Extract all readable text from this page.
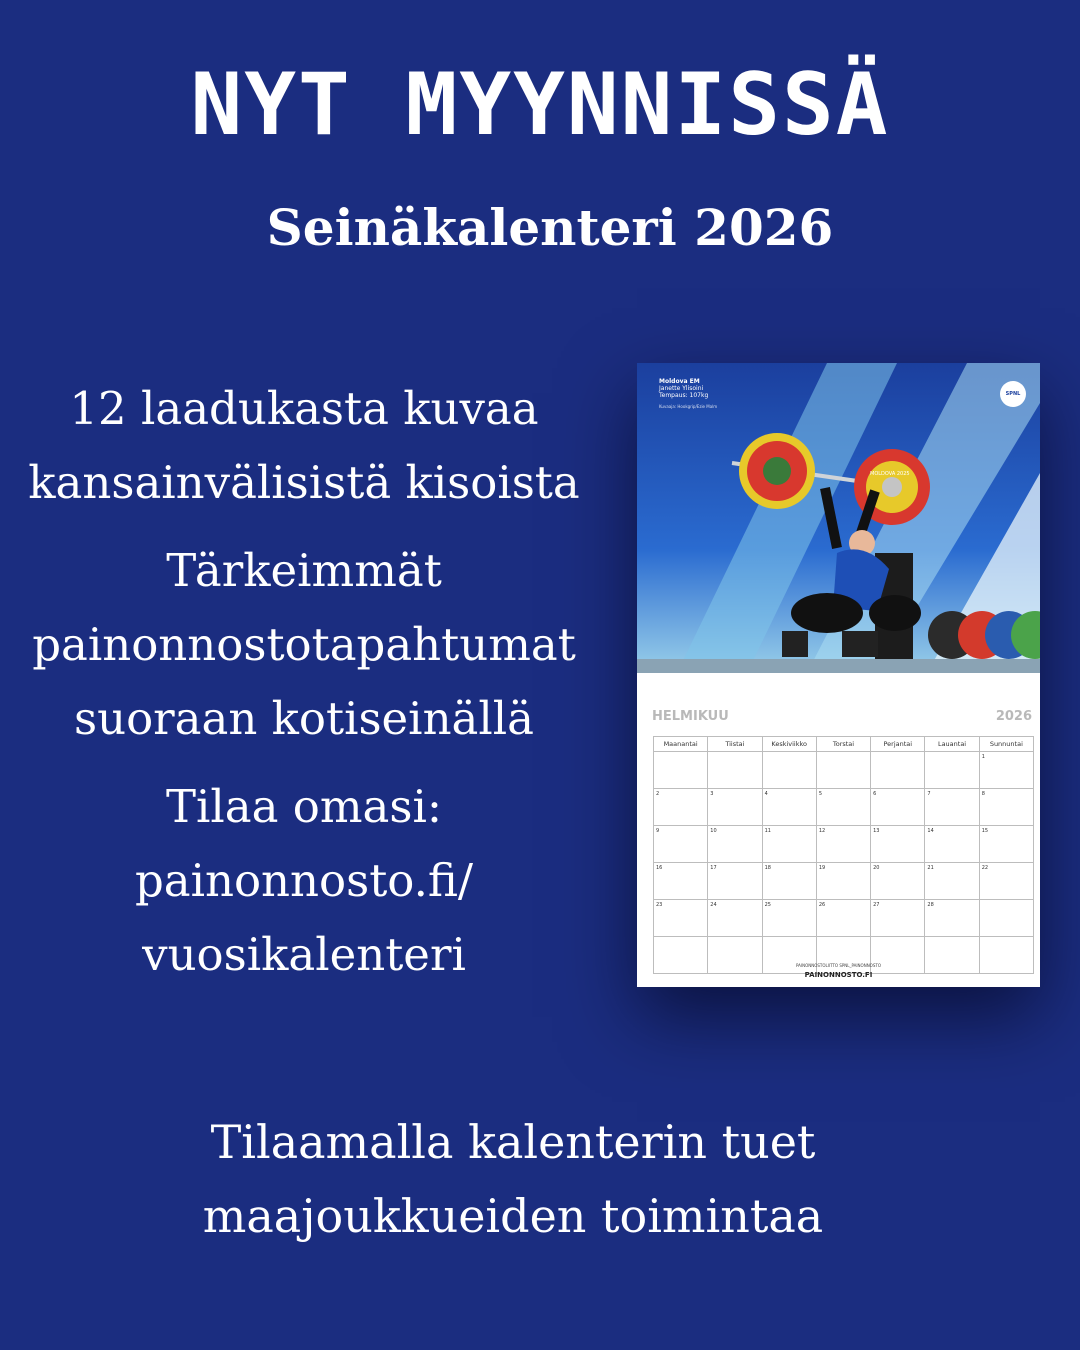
NYT MYYNNISSÄ
Seinäkalenteri 2026

12 laadukasta kuvaa

kansainvälisistä kisoista

Tärkeimmät

painonnostotapahtumat

suoraan kotiseinällä

Tilaa omasi:

painonnosto.fi/

vuosikalenteri

MOLDOVA 2025
Moldova EM
Janette Ylisoini
Tempaus: 107kg
Kuvaaja: Hookgrip/Ezie Malm
SPNL
HELMIKUU	2026
Maanantai	Tiistai	Keskiviikko	Torstai	Perjantai	Lauantai	Sunnuntai
						1
2	3	4	5	6	7	8
9	10	11	12	13	14	15
16	17	18	19	20	21	22
23	24	25	26	27	28	

PAINONNOSTOLIITTO SPNL_PAINONNOSTO
PAINONNOSTO.FI

Tilaamalla kalenterin tuet

maajoukkueiden toimintaa
